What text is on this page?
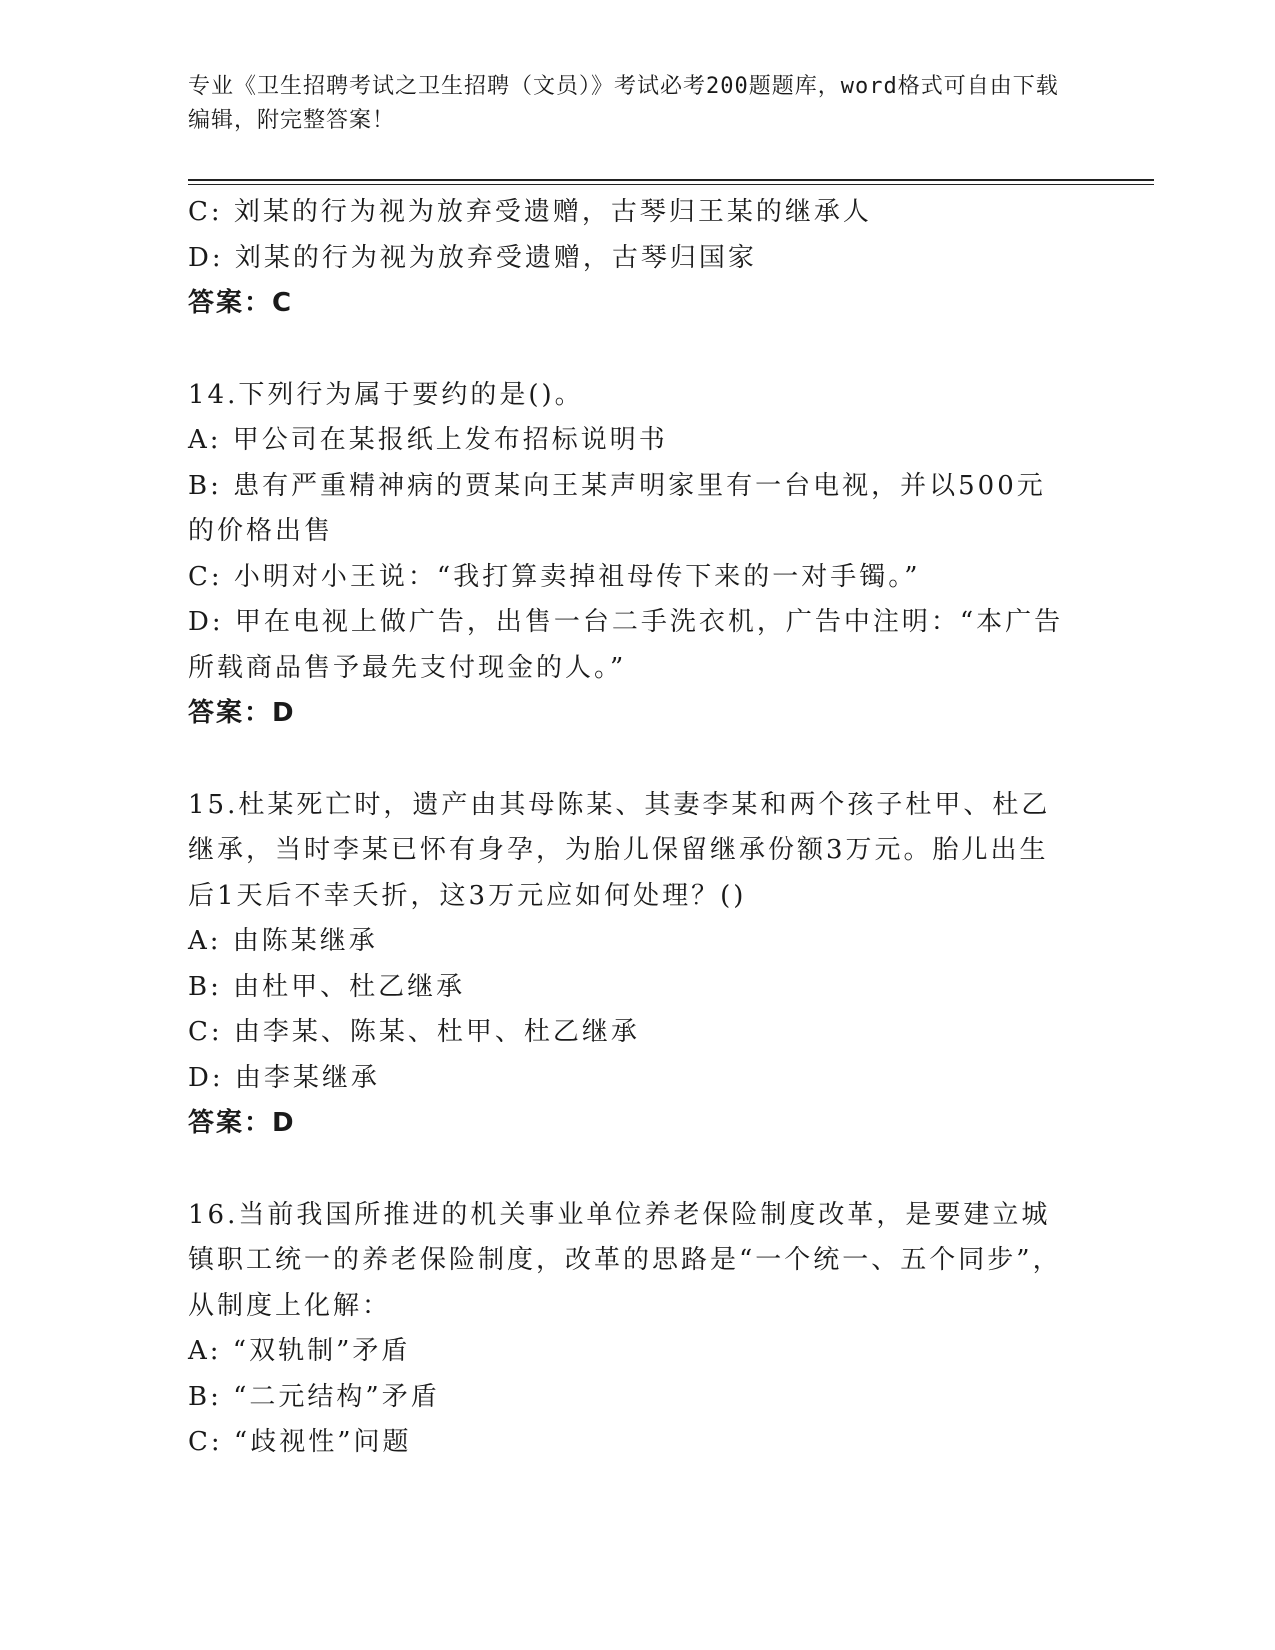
专业《卫生招聘考试之卫生招聘（文员）》考试必考200题题库，word格式可自由下载编辑，附完整答案！
C: 刘某的行为视为放弃受遗赠，古琴归王某的继承人
D: 刘某的行为视为放弃受遗赠，古琴归国家
答案：C
14.下列行为属于要约的是()。
A: 甲公司在某报纸上发布招标说明书
B: 患有严重精神病的贾某向王某声明家里有一台电视，并以500元的价格出售
C: 小明对小王说：“我打算卖掉祖母传下来的一对手镯。”
D: 甲在电视上做广告，出售一台二手洗衣机，广告中注明：“本广告所载商品售予最先支付现金的人。”
答案：D
15.杜某死亡时，遗产由其母陈某、其妻李某和两个孩子杜甲、杜乙继承，当时李某已怀有身孕，为胎儿保留继承份额3万元。胎儿出生后1天后不幸夭折，这3万元应如何处理？()
A: 由陈某继承
B: 由杜甲、杜乙继承
C: 由李某、陈某、杜甲、杜乙继承
D: 由李某继承
答案：D
16.当前我国所推进的机关事业单位养老保险制度改革，是要建立城镇职工统一的养老保险制度，改革的思路是“一个统一、五个同步”，从制度上化解：
A: “双轨制”矛盾
B: “二元结构”矛盾
C: “歧视性”问题
